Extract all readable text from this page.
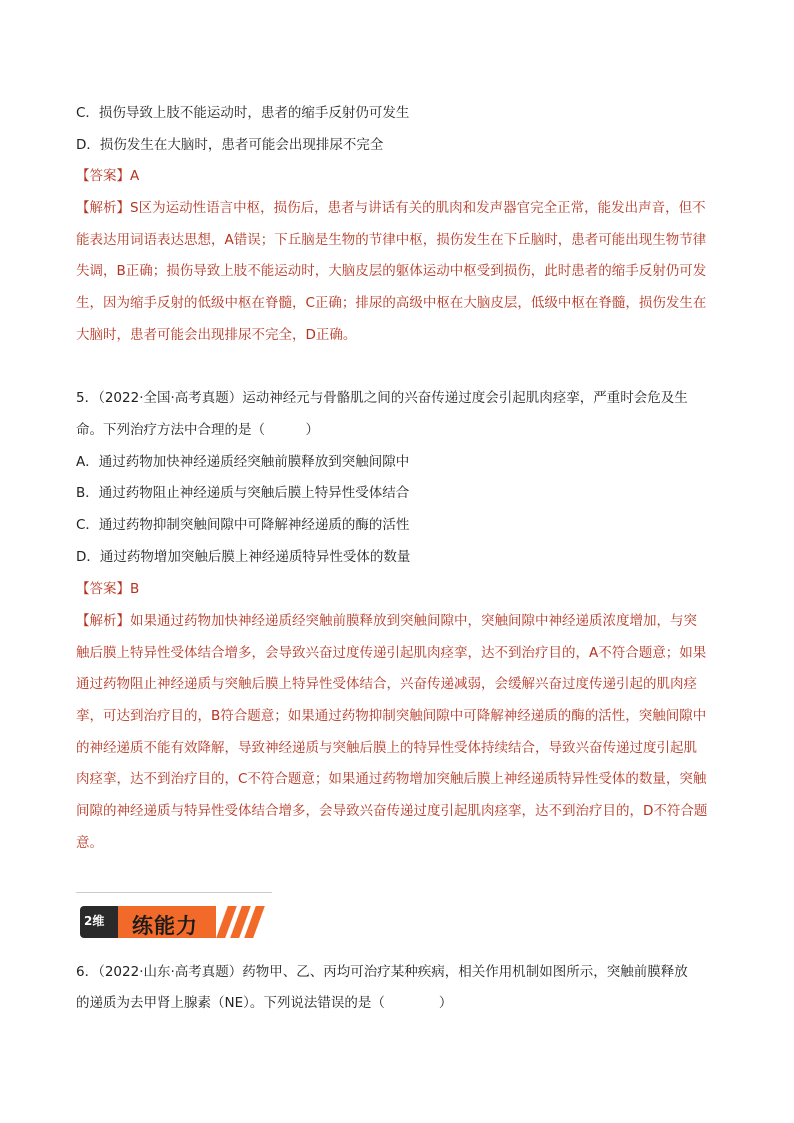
C．损伤导致上肢不能运动时，患者的缩手反射仍可发生
D．损伤发生在大脑时，患者可能会出现排尿不完全
【答案】A
【解析】S区为运动性语言中枢，损伤后，患者与讲话有关的肌肉和发声器官完全正常，能发出声音，但不
能表达用词语表达思想，A错误；下丘脑是生物的节律中枢，损伤发生在下丘脑时，患者可能出现生物节律
失调，B正确；损伤导致上肢不能运动时，大脑皮层的躯体运动中枢受到损伤，此时患者的缩手反射仍可发
生，因为缩手反射的低级中枢在脊髓，C正确；排尿的高级中枢在大脑皮层，低级中枢在脊髓，损伤发生在
大脑时，患者可能会出现排尿不完全，D正确。
5．（2022·全国·高考真题）运动神经元与骨骼肌之间的兴奋传递过度会引起肌肉痉挛，严重时会危及生
命。下列治疗方法中合理的是（　　　）
A．通过药物加快神经递质经突触前膜释放到突触间隙中
B．通过药物阻止神经递质与突触后膜上特异性受体结合
C．通过药物抑制突触间隙中可降解神经递质的酶的活性
D．通过药物增加突触后膜上神经递质特异性受体的数量
【答案】B
【解析】如果通过药物加快神经递质经突触前膜释放到突触间隙中，突触间隙中神经递质浓度增加，与突
触后膜上特异性受体结合增多，会导致兴奋过度传递引起肌肉痉挛，达不到治疗目的，A不符合题意；如果
通过药物阻止神经递质与突触后膜上特异性受体结合，兴奋传递减弱，会缓解兴奋过度传递引起的肌肉痉
挛，可达到治疗目的，B符合题意；如果通过药物抑制突触间隙中可降解神经递质的酶的活性，突触间隙中
的神经递质不能有效降解，导致神经递质与突触后膜上的特异性受体持续结合，导致兴奋传递过度引起肌
肉痉挛，达不到治疗目的，C不符合题意；如果通过药物增加突触后膜上神经递质特异性受体的数量，突触
间隙的神经递质与特异性受体结合增多，会导致兴奋传递过度引起肌肉痉挛，达不到治疗目的，D不符合题
意。
2维 练能力
6．（2022·山东·高考真题）药物甲、乙、丙均可治疗某种疾病，相关作用机制如图所示，突触前膜释放
的递质为去甲肾上腺素（NE）。下列说法错误的是（　　　　）
